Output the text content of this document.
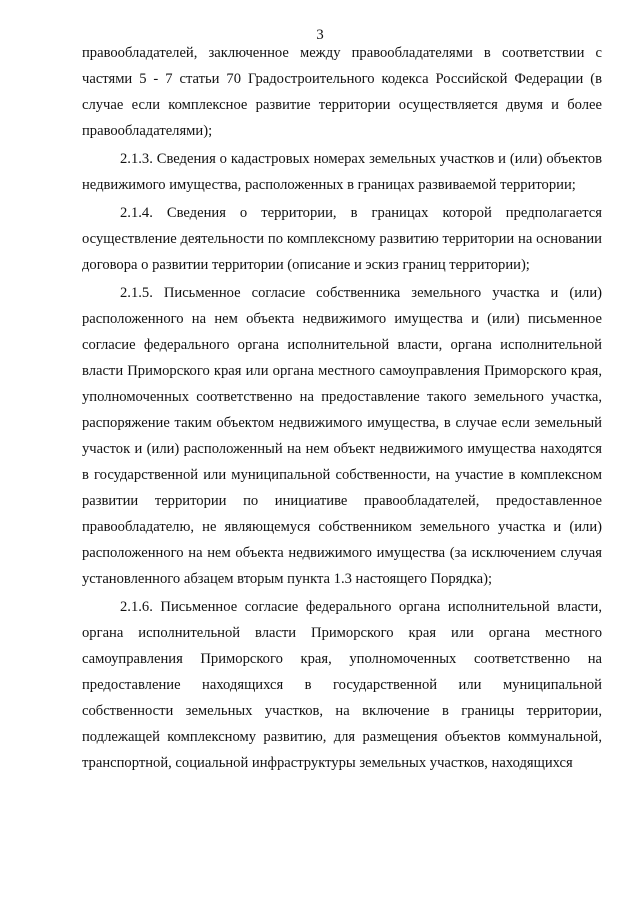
3

правообладателей, заключенное между правообладателями в соответствии с частями 5 - 7 статьи 70 Градостроительного кодекса Российской Федерации (в случае если комплексное развитие территории осуществляется двумя и более правообладателями);

2.1.3. Сведения о кадастровых номерах земельных участков и (или) объектов недвижимого имущества, расположенных в границах развиваемой территории;

2.1.4. Сведения о территории, в границах которой предполагается осуществление деятельности по комплексному развитию территории на основании договора о развитии территории (описание и эскиз границ территории);

2.1.5. Письменное согласие собственника земельного участка и (или) расположенного на нем объекта недвижимого имущества и (или) письменное согласие федерального органа исполнительной власти, органа исполнительной власти Приморского края или органа местного самоуправления Приморского края, уполномоченных соответственно на предоставление такого земельного участка, распоряжение таким объектом недвижимого имущества, в случае если земельный участок и (или) расположенный на нем объект недвижимого имущества находятся в государственной или муниципальной собственности, на участие в комплексном развитии территории по инициативе правообладателей, предоставленное правообладателю, не являющемуся собственником земельного участка и (или) расположенного на нем объекта недвижимого имущества (за исключением случая установленного абзацем вторым пункта 1.3 настоящего Порядка);

2.1.6. Письменное согласие федерального органа исполнительной власти, органа исполнительной власти Приморского края или органа местного самоуправления Приморского края, уполномоченных соответственно на предоставление находящихся в государственной или муниципальной собственности земельных участков, на включение в границы территории, подлежащей комплексному развитию, для размещения объектов коммунальной, транспортной, социальной инфраструктуры земельных участков, находящихся
